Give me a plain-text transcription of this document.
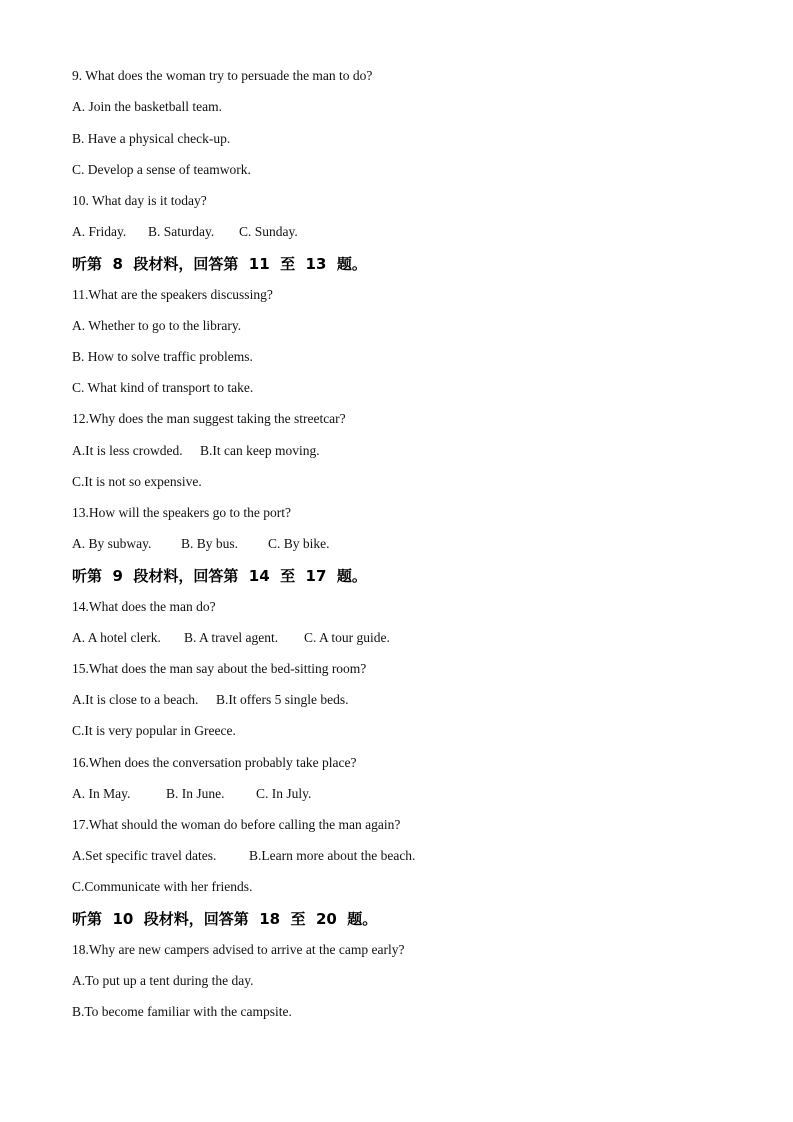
9. What does the woman try to persuade the man to do?

A. Join the basketball team.

B. Have a physical check-up.

C. Develop a sense of teamwork.

10. What day is it today?

A. Friday. B. Saturday. C. Sunday.

听第  8  段材料，回答第  11  至  13  题。

11.What are the speakers discussing?

A. Whether to go to the library.

B. How to solve traffic problems.

C. What kind of transport to take.

12.Why does the man suggest taking the streetcar?

A.It is less crowded. B.It can keep moving.

C.It is not so expensive.

13.How will the speakers go to the port?

A. By subway. B. By bus. C. By bike.

听第  9  段材料，回答第  14  至  17  题。

14.What does the man do?

A. A hotel clerk. B. A travel agent. C. A tour guide.

15.What does the man say about the bed-sitting room?

A.It is close to a beach. B.It offers 5 single beds.

C.It is very popular in Greece.

16.When does the conversation probably take place?

A. In May.	B. In June. C. In July.

17.What should the woman do before calling the man again?

A.Set specific travel dates. B.Learn more about the beach.

C.Communicate with her friends.

听第  10  段材料，回答第  18  至  20  题。

18.Why are new campers advised to arrive at the camp early?

A.To put up a tent during the day.

B.To become familiar with the campsite.
